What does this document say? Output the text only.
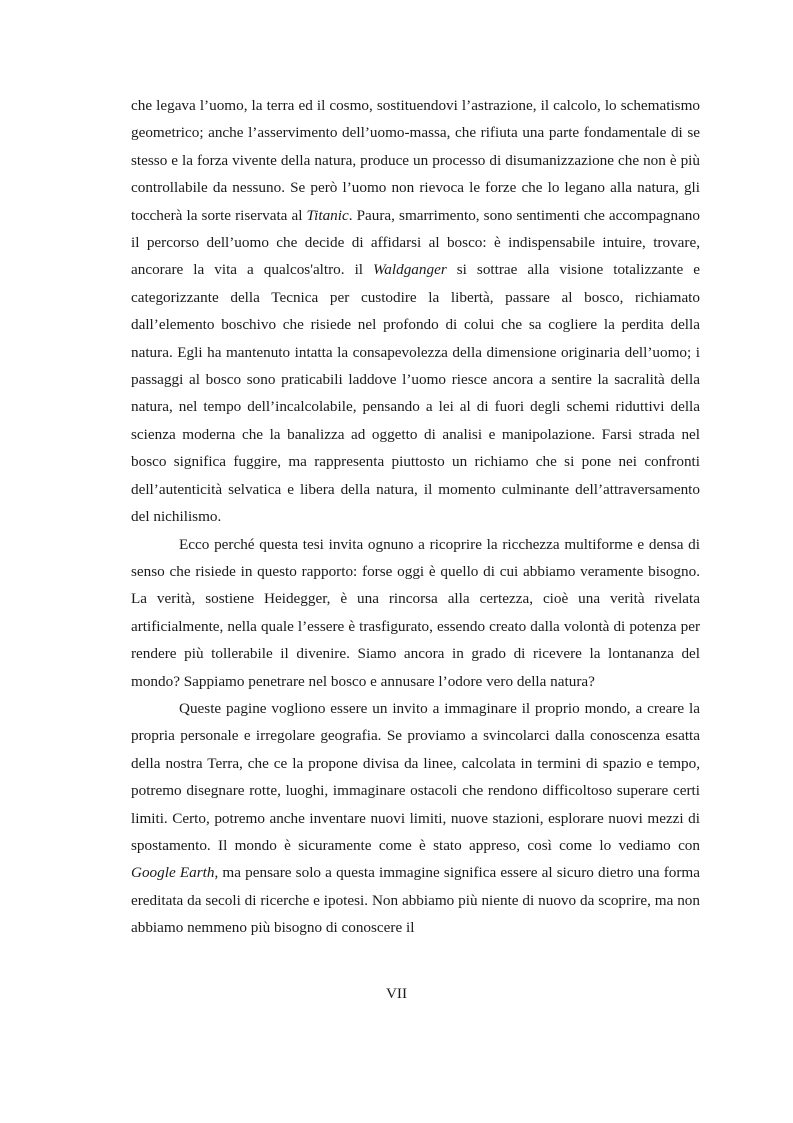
che legava l’uomo, la terra ed il cosmo, sostituendovi l’astrazione, il calcolo, lo schematismo geometrico; anche l’asservimento dell’uomo-massa, che rifiuta una parte fondamentale di se stesso e la forza vivente della natura, produce un processo di disumanizzazione che non è più controllabile da nessuno. Se però l’uomo non rievoca le forze che lo legano alla natura, gli toccherà la sorte riservata al Titanic. Paura, smarrimento, sono sentimenti che accompagnano il percorso dell’uomo che decide di affidarsi al bosco: è indispensabile intuire, trovare, ancorare la vita a qualcos'altro. il Waldganger si sottrae alla visione totalizzante e categorizzante della Tecnica per custodire la libertà, passare al bosco, richiamato dall’elemento boschivo che risiede nel profondo di colui che sa cogliere la perdita della natura. Egli ha mantenuto intatta la consapevolezza della dimensione originaria dell’uomo; i passaggi al bosco sono praticabili laddove l’uomo riesce ancora a sentire la sacralità della natura, nel tempo dell’incalcolabile, pensando a lei al di fuori degli schemi riduttivi della scienza moderna che la banalizza ad oggetto di analisi e manipolazione. Farsi strada nel bosco significa fuggire, ma rappresenta piuttosto un richiamo che si pone nei confronti dell’autenticità selvatica e libera della natura, il momento culminante dell’attraversamento del nichilismo.

Ecco perché questa tesi invita ognuno a ricoprire la ricchezza multiforme e densa di senso che risiede in questo rapporto: forse oggi è quello di cui abbiamo veramente bisogno. La verità, sostiene Heidegger, è una rincorsa alla certezza, cioè una verità rivelata artificialmente, nella quale l’essere è trasfigurato, essendo creato dalla volontà di potenza per rendere più tollerabile il divenire. Siamo ancora in grado di ricevere la lontananza del mondo? Sappiamo penetrare nel bosco e annusare l’odore vero della natura?

Queste pagine vogliono essere un invito a immaginare il proprio mondo, a creare la propria personale e irregolare geografia. Se proviamo a svincolarci dalla conoscenza esatta della nostra Terra, che ce la propone divisa da linee, calcolata in termini di spazio e tempo, potremo disegnare rotte, luoghi, immaginare ostacoli che rendono difficoltoso superare certi limiti. Certo, potremo anche inventare nuovi limiti, nuove stazioni, esplorare nuovi mezzi di spostamento. Il mondo è sicuramente come è stato appreso, così come lo vediamo con Google Earth, ma pensare solo a questa immagine significa essere al sicuro dietro una forma ereditata da secoli di ricerche e ipotesi. Non abbiamo più niente di nuovo da scoprire, ma non abbiamo nemmeno più bisogno di conoscere il

VII
